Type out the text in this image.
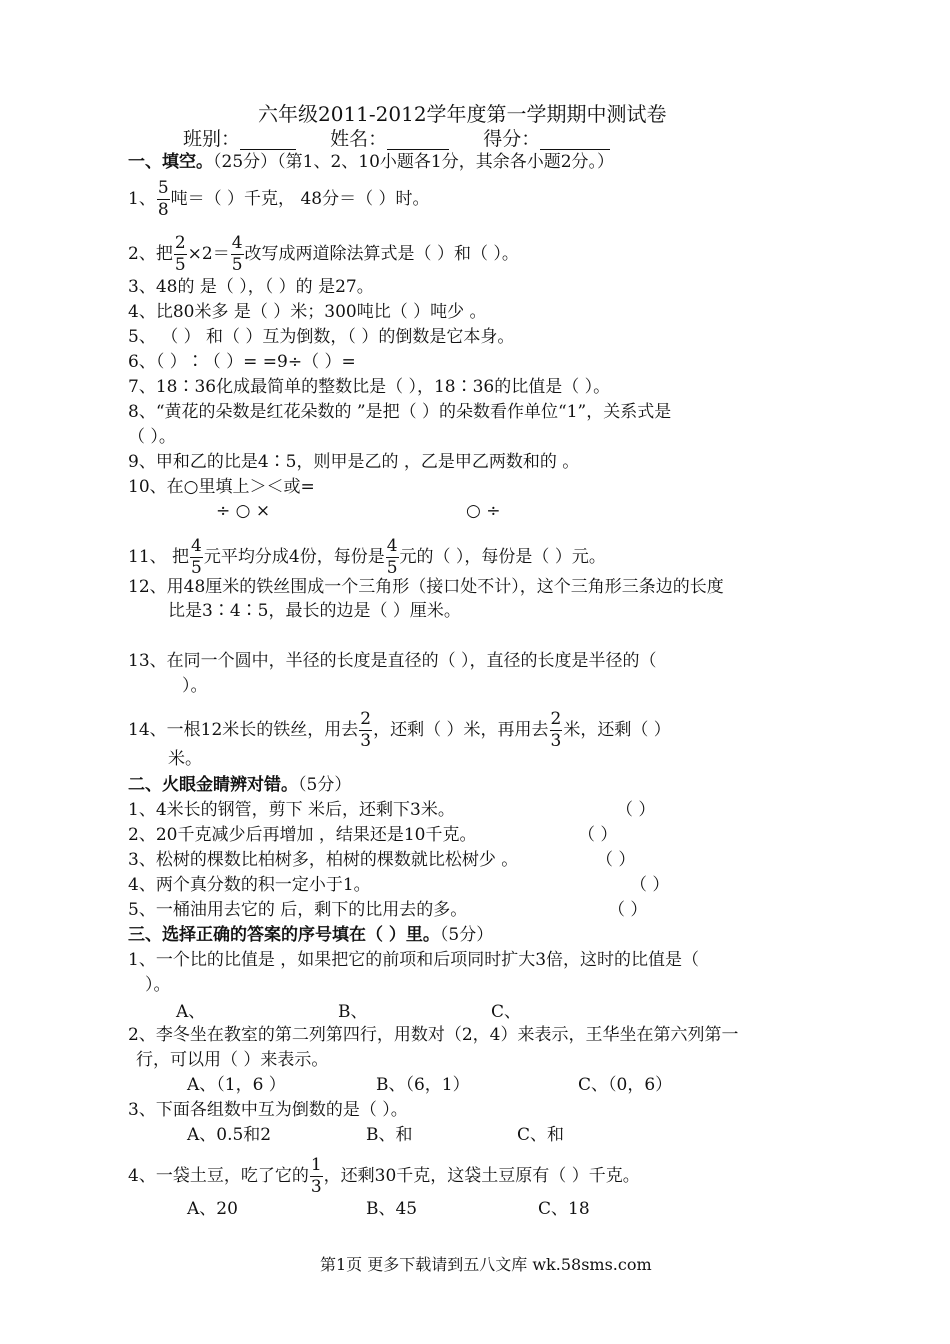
六年级2011-2012学年度第一学期期中测试卷
班别：	姓名：	得分：
一、填空。（25分）（第1、2、10小题各1分，其余各小题2分。）
1、 $\frac{5}{8}$ 吨＝（ ）千克， 48分＝（ ）时。
2、把 $\frac{2}{5} \times 2= \frac{4}{5}$ 改写成两道除法算式是（ ）和（ ）。
3、48的 是（ ），（ ）的 是27。
4、比80米多 是（ ）米；300吨比（ ）吨少 。
5、 （ ） 和（ ）互为倒数，（ ）的倒数是它本身。
6、（ ）∶（ ）= =9÷（ ）=
7、18∶36化成最简单的整数比是（ ），18∶36的比值是（ ）。
8、“黄花的朵数是红花朵数的 ”是把（ ）的朵数看作单位“1”，关系式是
（ ）。
9、甲和乙的比是4∶5，则甲是乙的 ，乙是甲乙两数和的 。
10、在○里填上＞＜或=
÷ ○ ×	○ ÷
11、 把 $\frac{4}{5}$ 元平均分成4份，每份是 $\frac{4}{5}$ 元的（ ），每份是（ ）元。
12、用48厘米的铁丝围成一个三角形（接口处不计），这个三角形三条边的长度
比是3∶4∶5，最长的边是（ ）厘米。
13、在同一个圆中，半径的长度是直径的（ ），直径的长度是半径的（
）。
14、一根12米长的铁丝，用去 $\frac{2}{3}$ ，还剩（ ）米，再用去 $\frac{2}{3}$ 米，还剩（ ）
米。
二、火眼金睛辨对错。（5分）
1、4米长的钢管，剪下 米后，还剩下3米。	（ ）
2、20千克减少后再增加 ，结果还是10千克。	（ ）
3、松树的棵数比柏树多，柏树的棵数就比松树少 。	（ ）
4、两个真分数的积一定小于1。	（ ）
5、一桶油用去它的 后，剩下的比用去的多。	（ ）
三、选择正确的答案的序号填在（ ）里。（5分）
1、一个比的比值是 ，如果把它的前项和后项同时扩大3倍，这时的比值是（
）。
A、	B、	C、
2、李冬坐在教室的第二列第四行，用数对（2，4）来表示，王华坐在第六列第一
行，可以用（ ）来表示。
A、（1，6 ）	B、（6，1）	C、（0，6）
3、下面各组数中互为倒数的是（ ）。
A、0.5和2	B、和	C、和
4、一袋土豆，吃了它的 $\frac{1}{3}$ ，还剩30千克，这袋土豆原有（ ）千克。
A、20	B、45	C、18
第1页 更多下载请到五八文库 wk.58sms.com
